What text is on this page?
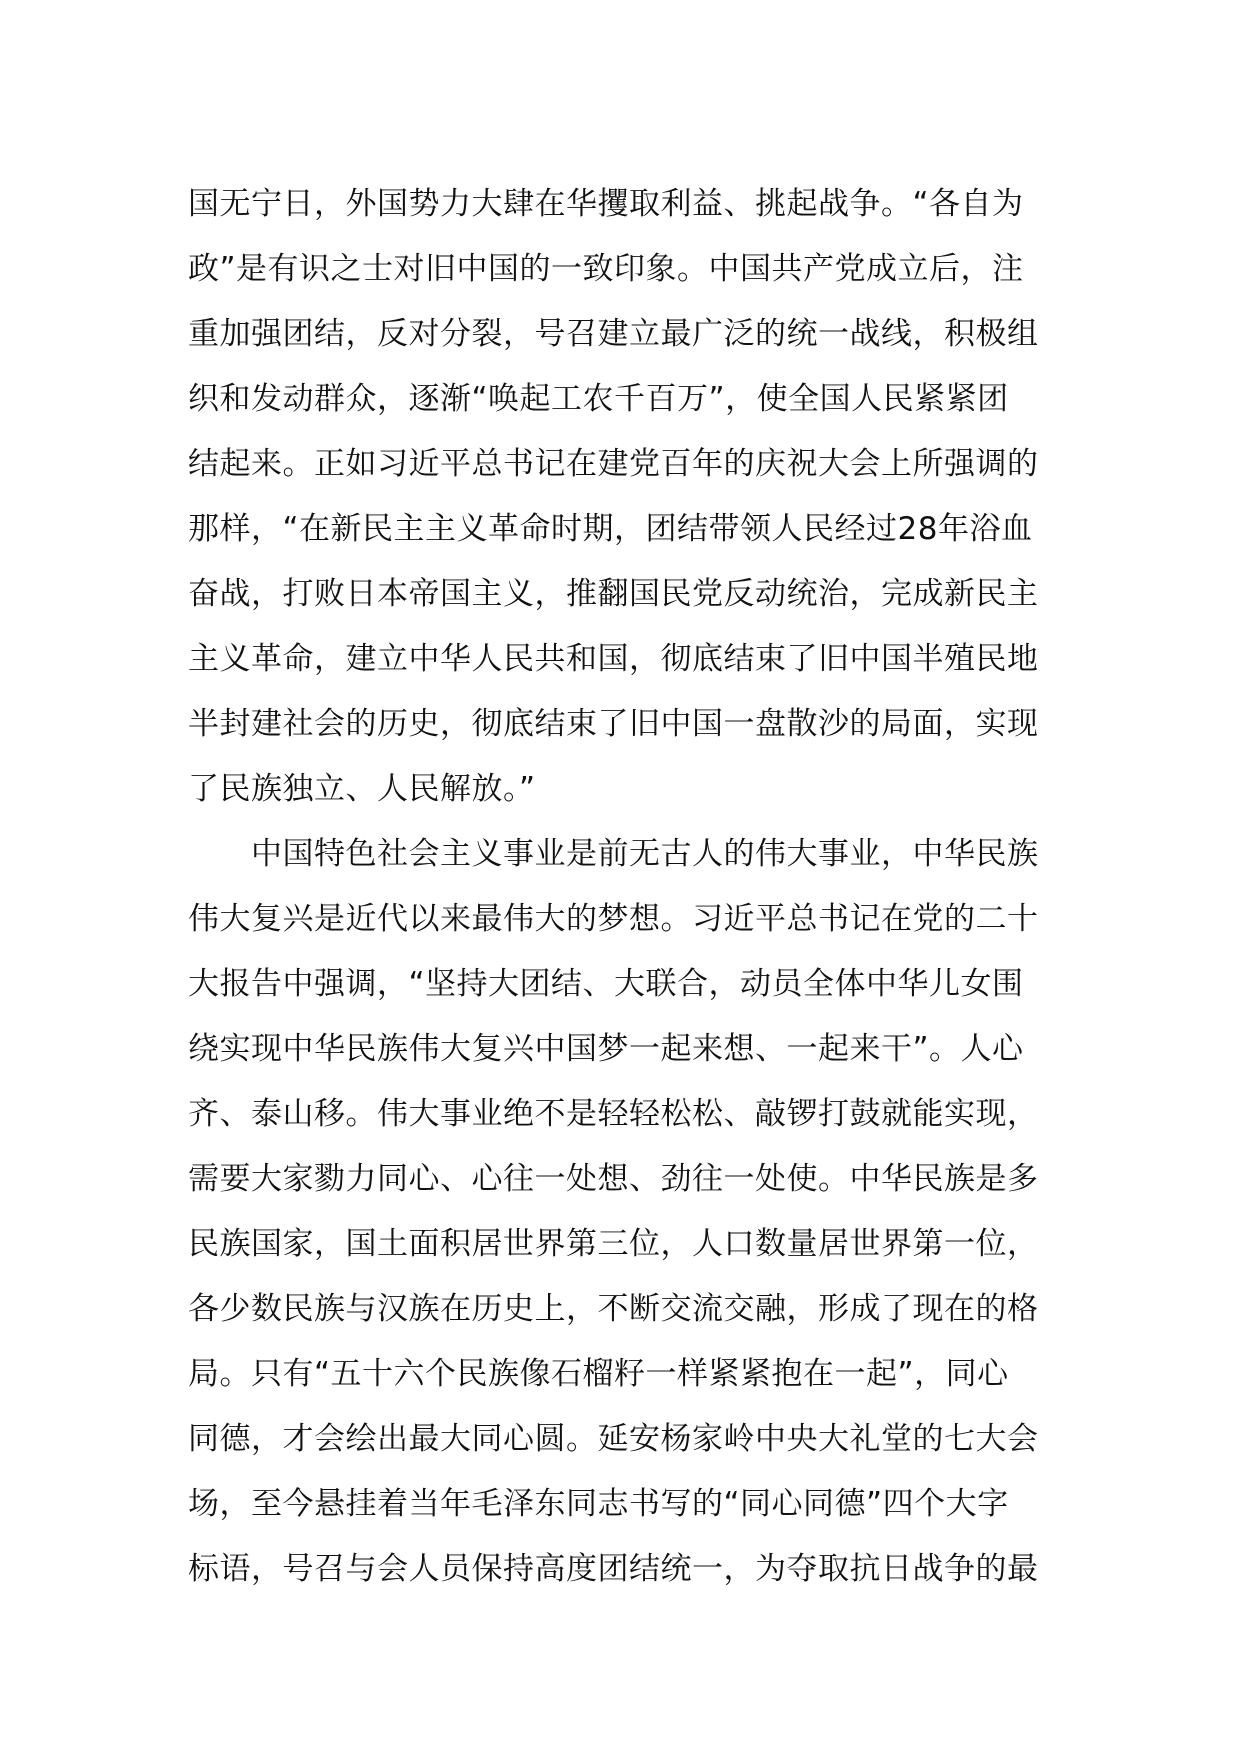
国无宁日，外国势力大肆在华攫取利益、挑起战争。“各自为
政”是有识之士对旧中国的一致印象。中国共产党成立后，注
重加强团结，反对分裂，号召建立最广泛的统一战线，积极组
织和发动群众，逐渐“唤起工农千百万”，使全国人民紧紧团
结起来。正如习近平总书记在建党百年的庆祝大会上所强调的
那样，“在新民主主义革命时期，团结带领人民经过28年浴血
奋战，打败日本帝国主义，推翻国民党反动统治，完成新民主
主义革命，建立中华人民共和国，彻底结束了旧中国半殖民地
半封建社会的历史，彻底结束了旧中国一盘散沙的局面，实现
了民族独立、人民解放。”
　　中国特色社会主义事业是前无古人的伟大事业，中华民族
伟大复兴是近代以来最伟大的梦想。习近平总书记在党的二十
大报告中强调，“坚持大团结、大联合，动员全体中华儿女围
绕实现中华民族伟大复兴中国梦一起来想、一起来干”。人心
齐、泰山移。伟大事业绝不是轻轻松松、敲锣打鼓就能实现，
需要大家勠力同心、心往一处想、劲往一处使。中华民族是多
民族国家，国土面积居世界第三位，人口数量居世界第一位，
各少数民族与汉族在历史上，不断交流交融，形成了现在的格
局。只有“五十六个民族像石榴籽一样紧紧抱在一起”，同心
同德，才会绘出最大同心圆。延安杨家岭中央大礼堂的七大会
场，至今悬挂着当年毛泽东同志书写的“同心同德”四个大字
标语，号召与会人员保持高度团结统一，为夺取抗日战争的最
